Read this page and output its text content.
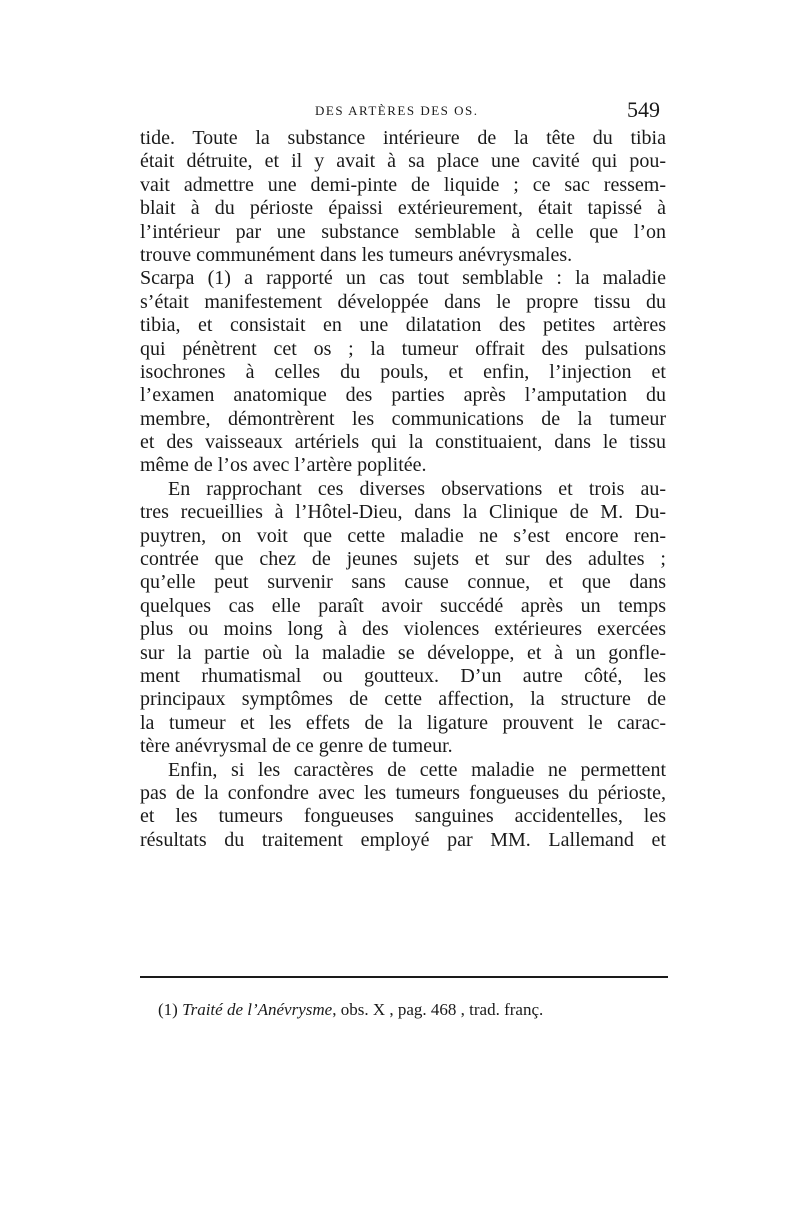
DES ARTÈRES DES OS.	549
tide. Toute la substance intérieure de la tête du tibia
était détruite, et il y avait à sa place une cavité qui pou-
vait admettre une demi-pinte de liquide ; ce sac ressem-
blait à du périoste épaissi extérieurement, était tapissé à
l’intérieur par une substance semblable à celle que l’on
trouve communément dans les tumeurs anévrysmales.
Scarpa (1) a rapporté un cas tout semblable : la maladie
s’était manifestement développée dans le propre tissu du
tibia, et consistait en une dilatation des petites artères
qui pénètrent cet os ; la tumeur offrait des pulsations
isochrones à celles du pouls, et enfin, l’injection et
l’examen anatomique des parties après l’amputation du
membre, démontrèrent les communications de la tumeur
et des vaisseaux artériels qui la constituaient, dans le tissu
même de l’os avec l’artère poplitée.
En rapprochant ces diverses observations et trois au-
tres recueillies à l’Hôtel-Dieu, dans la Clinique de M. Du-
puytren, on voit que cette maladie ne s’est encore ren-
contrée que chez de jeunes sujets et sur des adultes ;
qu’elle peut survenir sans cause connue, et que dans
quelques cas elle paraît avoir succédé après un temps
plus ou moins long à des violences extérieures exercées
sur la partie où la maladie se développe, et à un gonfle-
ment rhumatismal ou goutteux. D’un autre côté, les
principaux symptômes de cette affection, la structure de
la tumeur et les effets de la ligature prouvent le carac-
tère anévrysmal de ce genre de tumeur.
Enfin, si les caractères de cette maladie ne permettent
pas de la confondre avec les tumeurs fongueuses du périoste,
et les tumeurs fongueuses sanguines accidentelles, les
résultats du traitement employé par MM. Lallemand et
(1) Traité de l’Anévrysme, obs. X , pag. 468 , trad. franç.
